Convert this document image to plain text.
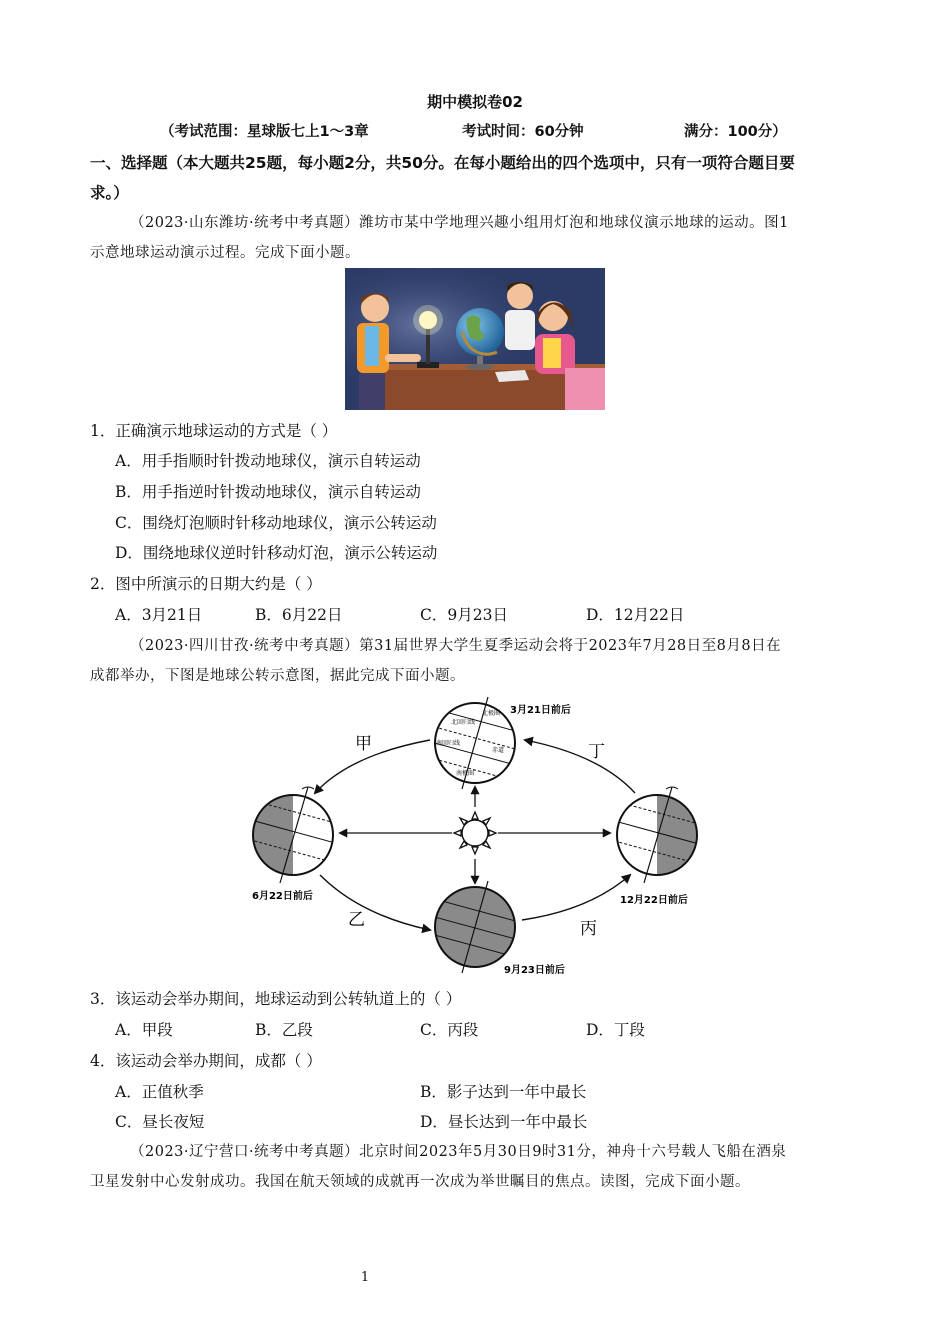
期中模拟卷02
（考试范围：星球版七上1～3章	考试时间：60分钟	满分：100分）
一、选择题（本大题共25题，每小题2分，共50分。在每小题给出的四个选项中，只有一项符合题目要
求。）
（2023·山东潍坊·统考中考真题）潍坊市某中学地理兴趣小组用灯泡和地球仪演示地球的运动。图1
示意地球运动演示过程。完成下面小题。
1．正确演示地球运动的方式是（ ）
A．用手指顺时针拨动地球仪，演示自转运动
B．用手指逆时针拨动地球仪，演示自转运动
C．围绕灯泡顺时针移动地球仪，演示公转运动
D．围绕地球仪逆时针移动灯泡，演示公转运动
2．图中所演示的日期大约是（ ）
A．3月21日	B．6月22日	C．9月23日	D．12月22日
（2023·四川甘孜·统考中考真题）第31届世界大学生夏季运动会将于2023年7月28日至8月8日在
成都举办，下图是地球公转示意图，据此完成下面小题。
北极圈
北回归线
南回归线
赤道
南极圈
甲
乙	丙
丁
3月21日前后
6月22日前后
9月23日前后
12月22日前后
3．该运动会举办期间，地球运动到公转轨道上的（ ）
A．甲段	B．乙段	C．丙段	D．丁段
4．该运动会举办期间，成都（ ）
A．正值秋季	B．影子达到一年中最长
C．昼长夜短	D．昼长达到一年中最长
（2023·辽宁营口·统考中考真题）北京时间2023年5月30日9时31分，神舟十六号载人飞船在酒泉
卫星发射中心发射成功。我国在航天领域的成就再一次成为举世瞩目的焦点。读图，完成下面小题。
1
